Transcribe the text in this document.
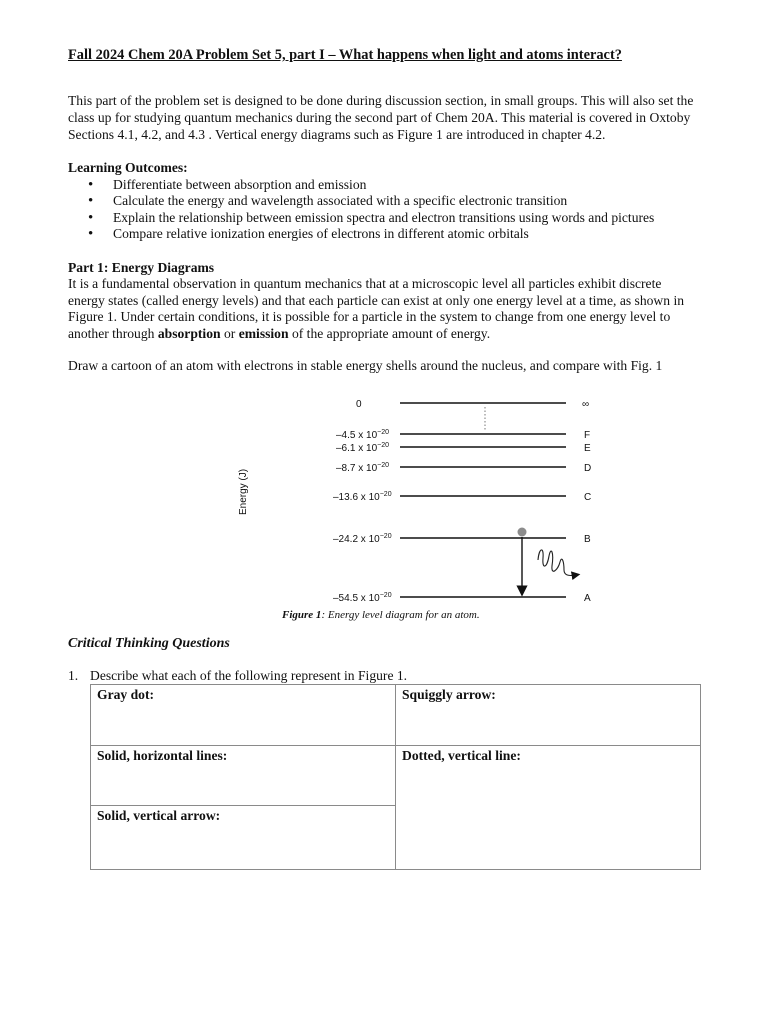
Fall 2024 Chem 20A Problem Set 5, part I – What happens when light and atoms interact?
This part of the problem set is designed to be done during discussion section, in small groups. This will also set the class up for studying quantum mechanics during the second part of Chem 20A. This material is covered in Oxtoby Sections 4.1, 4.2, and 4.3 . Vertical energy diagrams such as Figure 1 are introduced in chapter 4.2.
Learning Outcomes:
• Differentiate between absorption and emission
• Calculate the energy and wavelength associated with a specific electronic transition
• Explain the relationship between emission spectra and electron transitions using words and pictures
• Compare relative ionization energies of electrons in different atomic orbitals
Part 1: Energy Diagrams
It is a fundamental observation in quantum mechanics that at a microscopic level all particles exhibit discrete energy states (called energy levels) and that each particle can exist at only one energy level at a time, as shown in Figure 1. Under certain conditions, it is possible for a particle in the system to change from one energy level to another through absorption or emission of the appropriate amount of energy.
Draw a cartoon of an atom with electrons in stable energy shells around the nucleus, and compare with Fig. 1
Energy (J)
0	∞
–4.5 x $10^{-20}$	F
–6.1 x $10^{-20}$	E
–8.7 x $10^{-20}$	D
–13.6 x $10^{-20}$	C
–24.2 x $10^{-20}$	B
–54.5 x $10^{-20}$	A
Figure 1: Energy level diagram for an atom.
Critical Thinking Questions
1. Describe what each of the following represent in Figure 1.
Gray dot:	Squiggly arrow:
Solid, horizontal lines:	Dotted, vertical line:
Solid, vertical arrow:	
